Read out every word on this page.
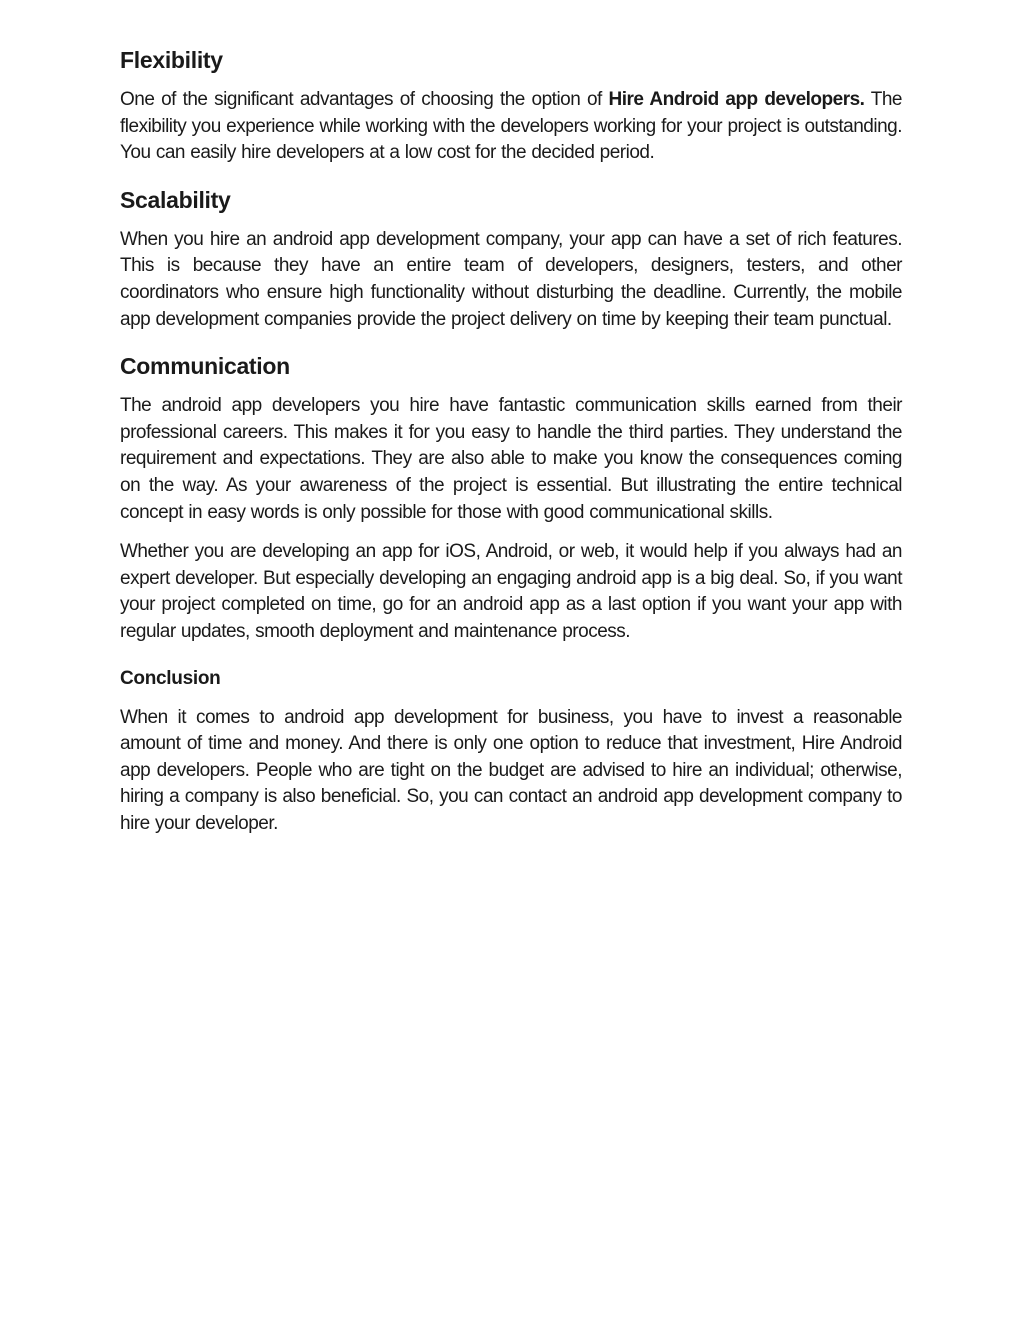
Flexibility

One of the significant advantages of choosing the option of Hire Android app developers. The flexibility you experience while working with the developers working for your project is outstanding. You can easily hire developers at a low cost for the decided period.

Scalability

When you hire an android app development company, your app can have a set of rich features. This is because they have an entire team of developers, designers, testers, and other coordinators who ensure high functionality without disturbing the deadline. Currently, the mobile app development companies provide the project delivery on time by keeping their team punctual.

Communication

The android app developers you hire have fantastic communication skills earned from their professional careers. This makes it for you easy to handle the third parties. They understand the requirement and expectations. They are also able to make you know the consequences coming on the way. As your awareness of the project is essential. But illustrating the entire technical concept in easy words is only possible for those with good communicational skills.

Whether you are developing an app for iOS, Android, or web, it would help if you always had an expert developer. But especially developing an engaging android app is a big deal. So, if you want your project completed on time, go for an android app as a last option if you want your app with regular updates, smooth deployment and maintenance process.

Conclusion

When it comes to android app development for business, you have to invest a reasonable amount of time and money. And there is only one option to reduce that investment, Hire Android app developers. People who are tight on the budget are advised to hire an individual; otherwise, hiring a company is also beneficial. So, you can contact an android app development company to hire your developer.
